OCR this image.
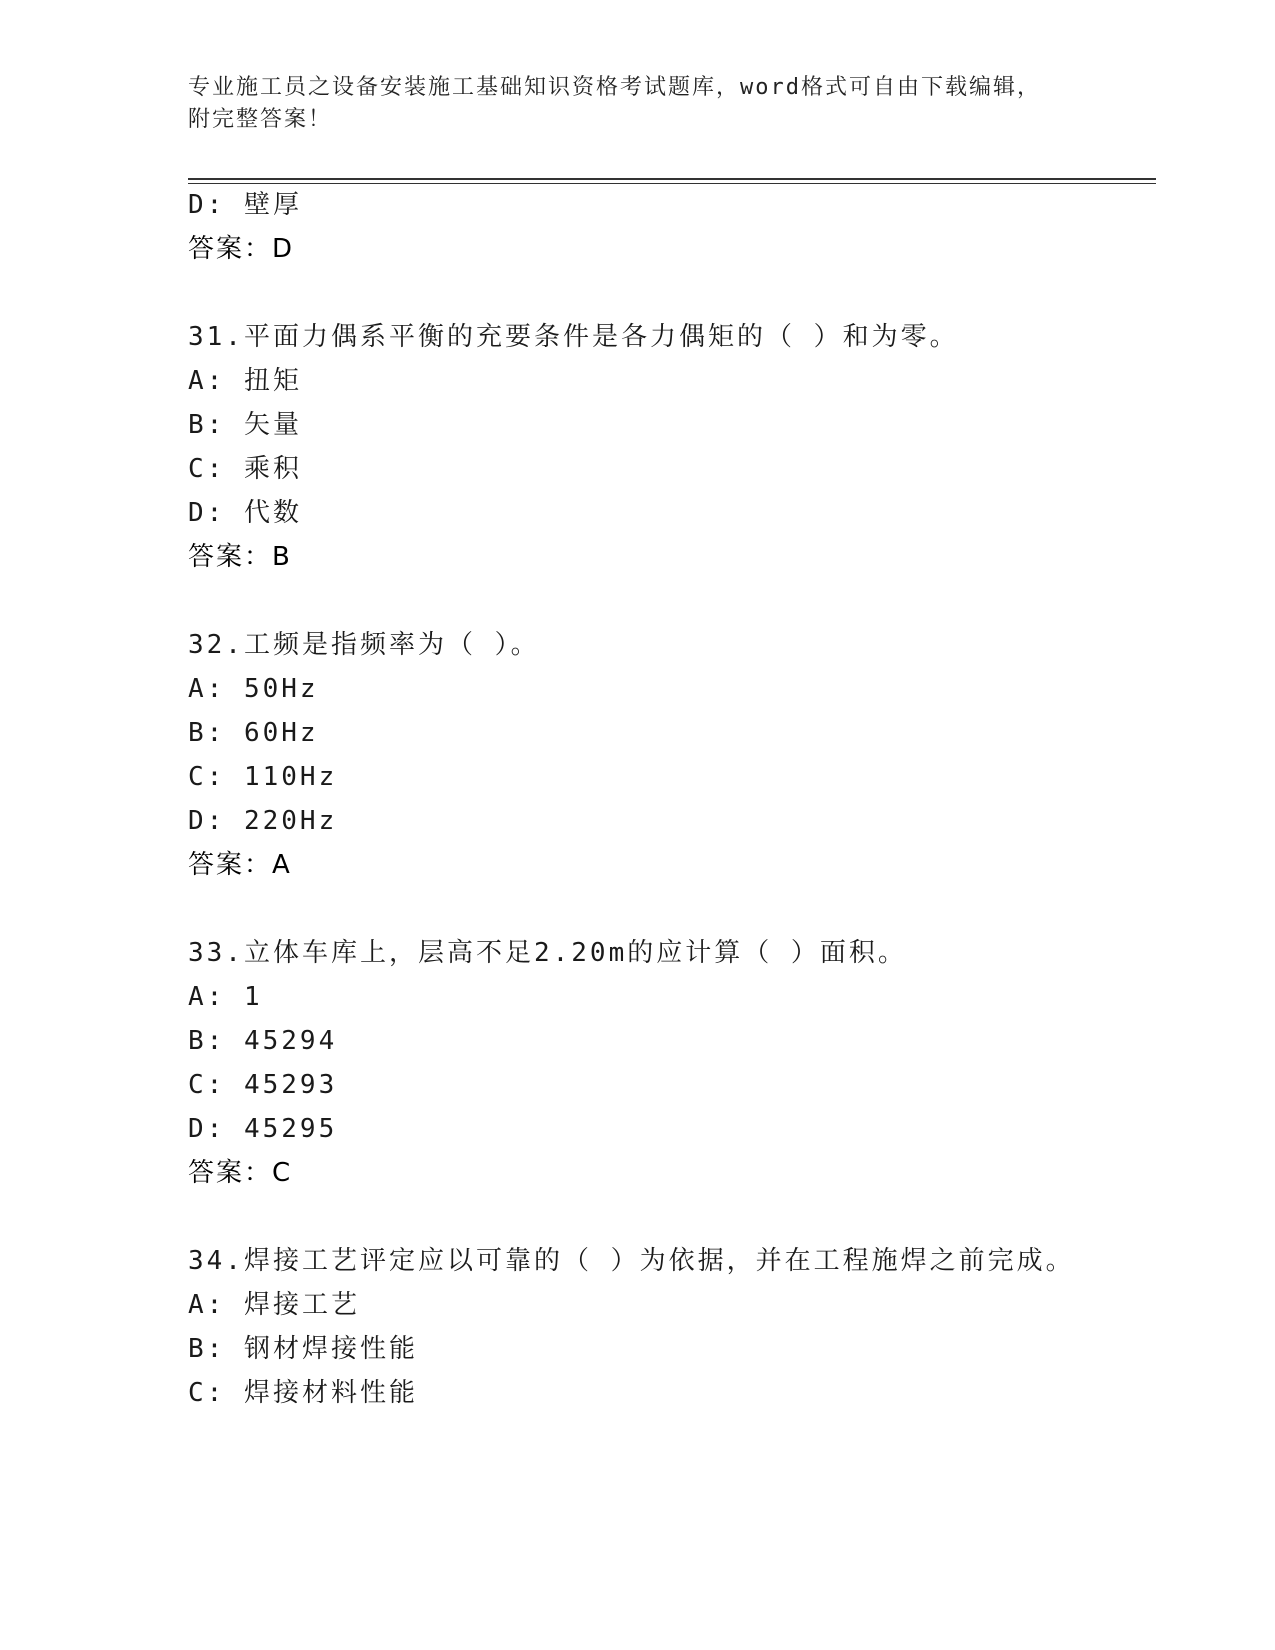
专业施工员之设备安装施工基础知识资格考试题库，word格式可自由下载编辑，
附完整答案！
D: 壁厚
答案：D
31.平面力偶系平衡的充要条件是各力偶矩的（ ）和为零。
A: 扭矩
B: 矢量
C: 乘积
D: 代数
答案：B
32.工频是指频率为（ ）。
A: 50Hz
B: 60Hz
C: 110Hz
D: 220Hz
答案：A
33.立体车库上，层高不足2.20m的应计算（ ）面积。
A: 1
B: 45294
C: 45293
D: 45295
答案：C
34.焊接工艺评定应以可靠的（ ）为依据，并在工程施焊之前完成。
A: 焊接工艺
B: 钢材焊接性能
C: 焊接材料性能
